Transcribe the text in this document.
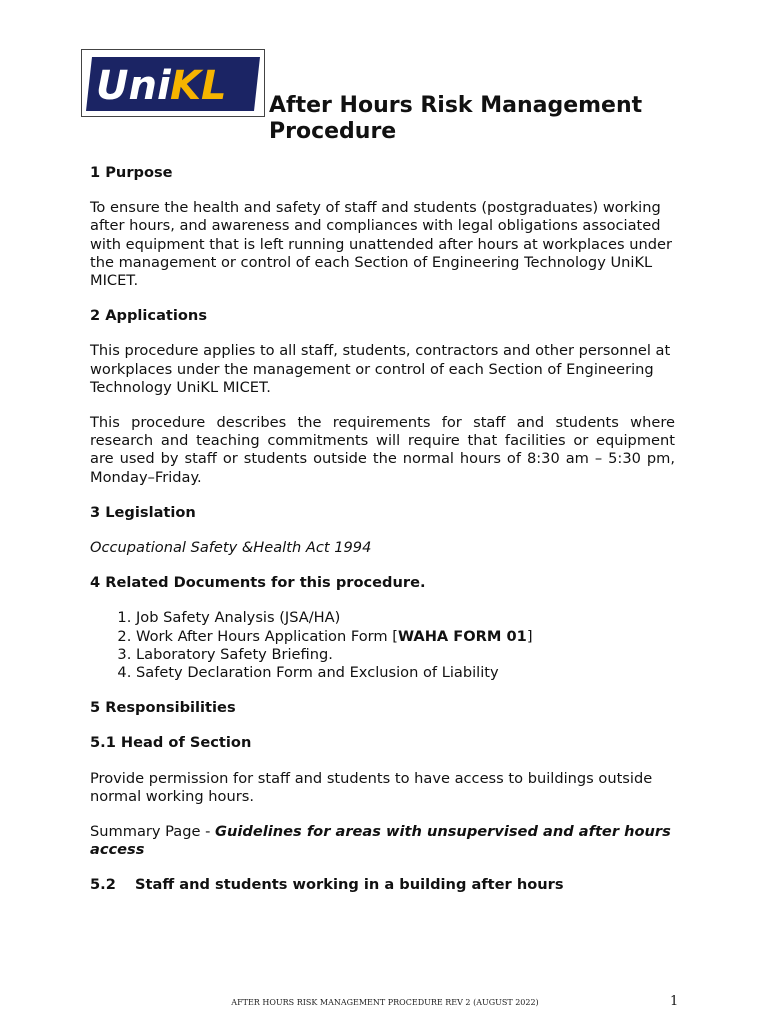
Uni KL After Hours Risk Management Procedure
1 Purpose

To ensure the health and safety of staff and students (postgraduates) working after hours, and awareness and compliances with legal obligations associated with equipment that is left running unattended after hours at workplaces under the management or control of each Section of Engineering Technology UniKL MICET.

2 Applications

This procedure applies to all staff, students, contractors and other personnel at workplaces under the management or control of each Section of Engineering Technology UniKL MICET.

This procedure describes the requirements for staff and students where research and teaching commitments will require that facilities or equipment are used by staff or students outside the normal hours of 8:30 am – 5:30 pm, Monday–Friday.

3 Legislation

Occupational Safety &Health Act 1994

4 Related Documents for this procedure.
1. Job Safety Analysis (JSA/HA)
2. Work After Hours Application Form [WAHA FORM 01]
3. Laboratory Safety Briefing.
4. Safety Declaration Form and Exclusion of Liability
5 Responsibilities
5.1 Head of Section

Provide permission for staff and students to have access to buildings outside normal working hours.

Summary Page - Guidelines for areas with unsupervised and after hours access

5.2	Staff and students working in a building after hours
AFTER HOURS RISK MANAGEMENT PROCEDURE REV 2 (AUGUST 2022)	1
